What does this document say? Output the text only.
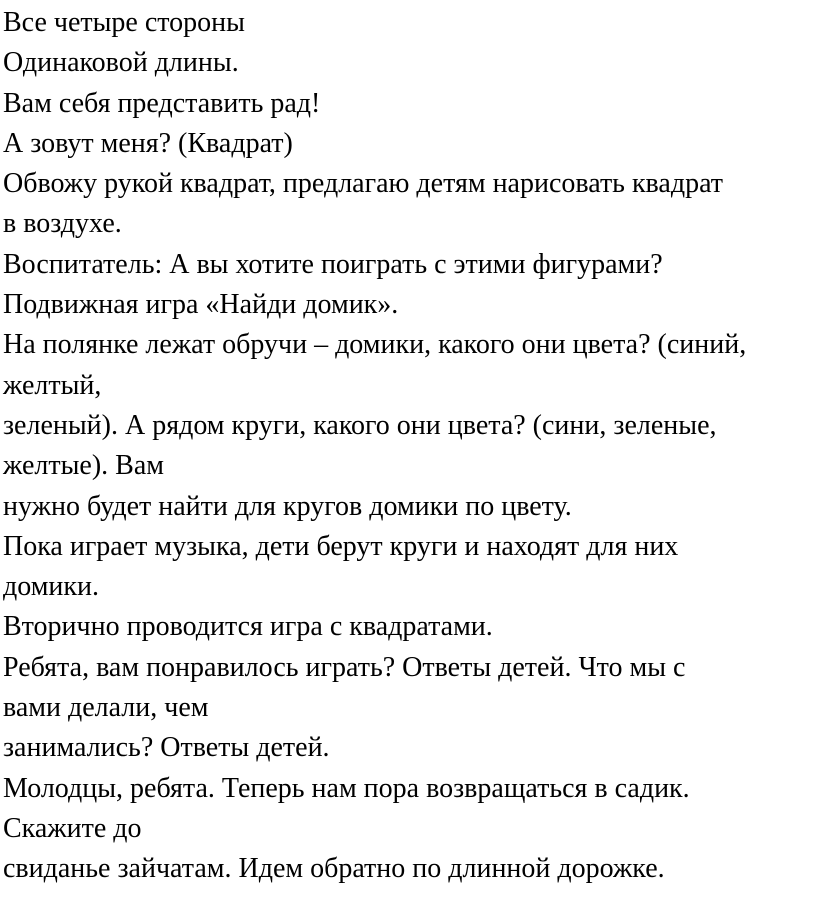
Все четыре стороны
Одинаковой длины.
Вам себя представить рад!
А зовут меня? (Квадрат)
Обвожу рукой квадрат, предлагаю детям нарисовать квадрат
в воздухе.
Воспитатель: А вы хотите поиграть с этими фигурами?
Подвижная игра «Найди домик».
На полянке лежат обручи – домики, какого они цвета? (синий,
желтый,
зеленый). А рядом круги, какого они цвета? (сини, зеленые,
желтые). Вам
нужно будет найти для кругов домики по цвету.
Пока играет музыка, дети берут круги и находят для них
домики.
Вторично проводится игра с квадратами.
Ребята, вам понравилось играть? Ответы детей. Что мы с
вами делали, чем
занимались? Ответы детей.
Молодцы, ребята. Теперь нам пора возвращаться в садик.
Скажите до
свиданье зайчатам. Идем обратно по длинной дорожке.
